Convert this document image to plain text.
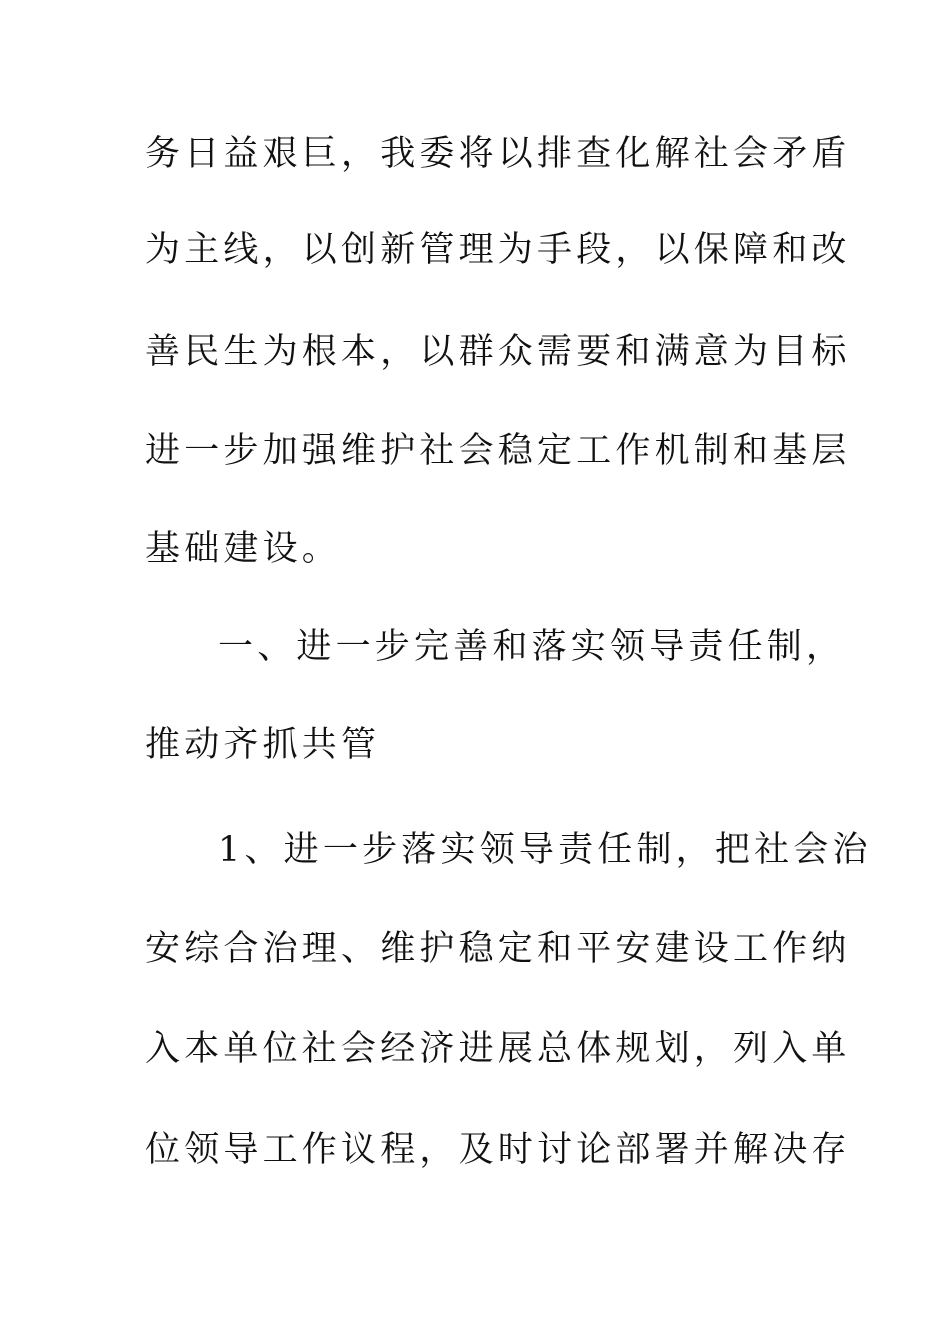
务日益艰巨，我委将以排查化解社会矛盾
为主线，以创新管理为手段，以保障和改
善民生为根本，以群众需要和满意为目标
进一步加强维护社会稳定工作机制和基层
基础建设。
一、进一步完善和落实领导责任制，
推动齐抓共管
1、进一步落实领导责任制，把社会治
安综合治理、维护稳定和平安建设工作纳
入本单位社会经济进展总体规划，列入单
位领导工作议程，及时讨论部署并解决存
